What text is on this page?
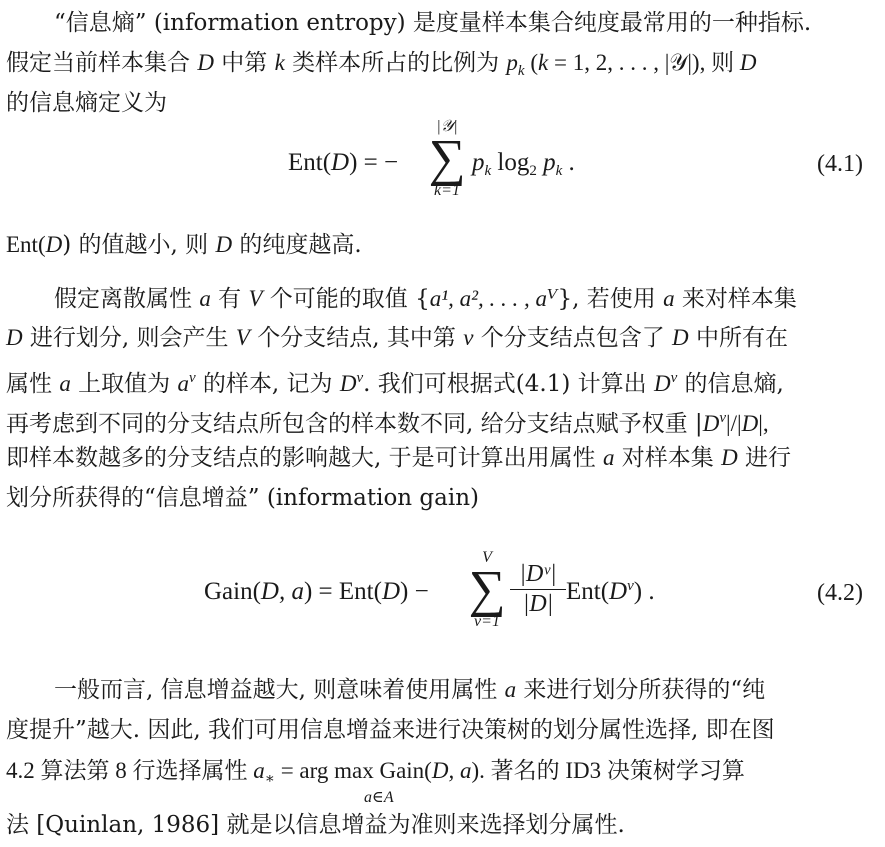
“信息熵” (information entropy) 是度量样本集合纯度最常用的一种指标.
假定当前样本集合 D 中第 k 类样本所占的比例为 $p_k$ (k = 1, 2, . . . , |𝒴|), 则 D
的信息熵定义为
Ent(D) = −
|𝒴|
∑
k=1
$p_k$ $\log_2 p_k$ .	(4.1)
Ent(D) 的值越小, 则 D 的纯度越高.
假定离散属性 a 有 V 个可能的取值 {a¹, a², . . . , aⱽ}, 若使用 a 来对样本集
D 进行划分, 则会产生 V 个分支结点, 其中第 v 个分支结点包含了 D 中所有在
属性 a 上取值为 $a^v$ 的样本, 记为 $D^v$. 我们可根据式(4.1) 计算出 $D^v$ 的信息熵,
再考虑到不同的分支结点所包含的样本数不同, 给分支结点赋予权重 $|D^v|/|D|$,
即样本数越多的分支结点的影响越大, 于是可计算出用属性 a 对样本集 D 进行
划分所获得的“信息增益” (information gain)
Gain(D, a) = Ent(D) −
V
∑
v=1
$\frac{\text{|Dᵛ|}}{|D|} Ent(D^v)$ .	(4.2)
一般而言, 信息增益越大, 则意味着使用属性 a 来进行划分所获得的“纯
度提升”越大. 因此, 我们可用信息增益来进行决策树的划分属性选择, 即在图
4.2 算法第 8 行选择属性 $a_∗$ = arg max Gain(D, a). 著名的 ID3 决策树学习算
a∈A
法 [Quinlan, 1986] 就是以信息增益为准则来选择划分属性.
